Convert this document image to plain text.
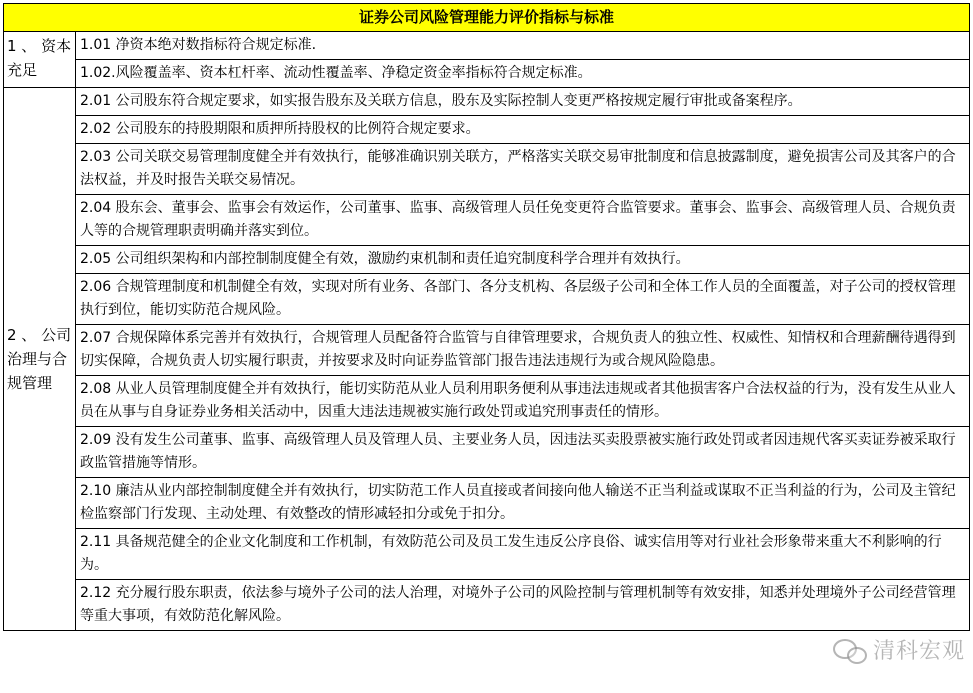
证券公司风险管理能力评价指标与标准	
1 、 资本充足	1.01 净资本绝对数指标符合规定标准.
	1.02.风险覆盖率、资本杠杆率、流动性覆盖率、净稳定资金率指标符合规定标准。
2 、 公司治理与合规管理	2.01 公司股东符合规定要求，如实报告股东及关联方信息，股东及实际控制人变更严格按规定履行审批或备案程序。
	2.02 公司股东的持股期限和质押所持股权的比例符合规定要求。
	2.03 公司关联交易管理制度健全并有效执行，能够准确识别关联方，严格落实关联交易审批制度和信息披露制度，避免损害公司及其客户的合法权益，并及时报告关联交易情况。
	2.04 股东会、董事会、监事会有效运作，公司董事、监事、高级管理人员任免变更符合监管要求。董事会、监事会、高级管理人员、合规负责人等的合规管理职责明确并落实到位。
	2.05 公司组织架构和内部控制制度健全有效，激励约束机制和责任追究制度科学合理并有效执行。
	2.06 合规管理制度和机制健全有效，实现对所有业务、各部门、各分支机构、各层级子公司和全体工作人员的全面覆盖，对子公司的授权管理执行到位，能切实防范合规风险。
	2.07 合规保障体系完善并有效执行，合规管理人员配备符合监管与自律管理要求，合规负责人的独立性、权威性、知情权和合理薪酬待遇得到切实保障，合规负责人切实履行职责，并按要求及时向证券监管部门报告违法违规行为或合规风险隐患。
	2.08 从业人员管理制度健全并有效执行，能切实防范从业人员利用职务便利从事违法违规或者其他损害客户合法权益的行为，没有发生从业人员在从事与自身证券业务相关活动中，因重大违法违规被实施行政处罚或追究刑事责任的情形。
	2.09 没有发生公司董事、监事、高级管理人员及管理人员、主要业务人员，因违法买卖股票被实施行政处罚或者因违规代客买卖证券被采取行政监管措施等情形。
	2.10 廉洁从业内部控制制度健全并有效执行，切实防范工作人员直接或者间接向他人输送不正当利益或谋取不正当利益的行为，公司及主管纪检监察部门行发现、主动处理、有效整改的情形减轻扣分或免于扣分。
	2.11 具备规范健全的企业文化制度和工作机制，有效防范公司及员工发生违反公序良俗、诚实信用等对行业社会形象带来重大不利影响的行为。
	2.12 充分履行股东职责，依法参与境外子公司的法人治理，对境外子公司的风险控制与管理机制等有效安排，知悉并处理境外子公司经营管理等重大事项，有效防范化解风险。
清科宏观
